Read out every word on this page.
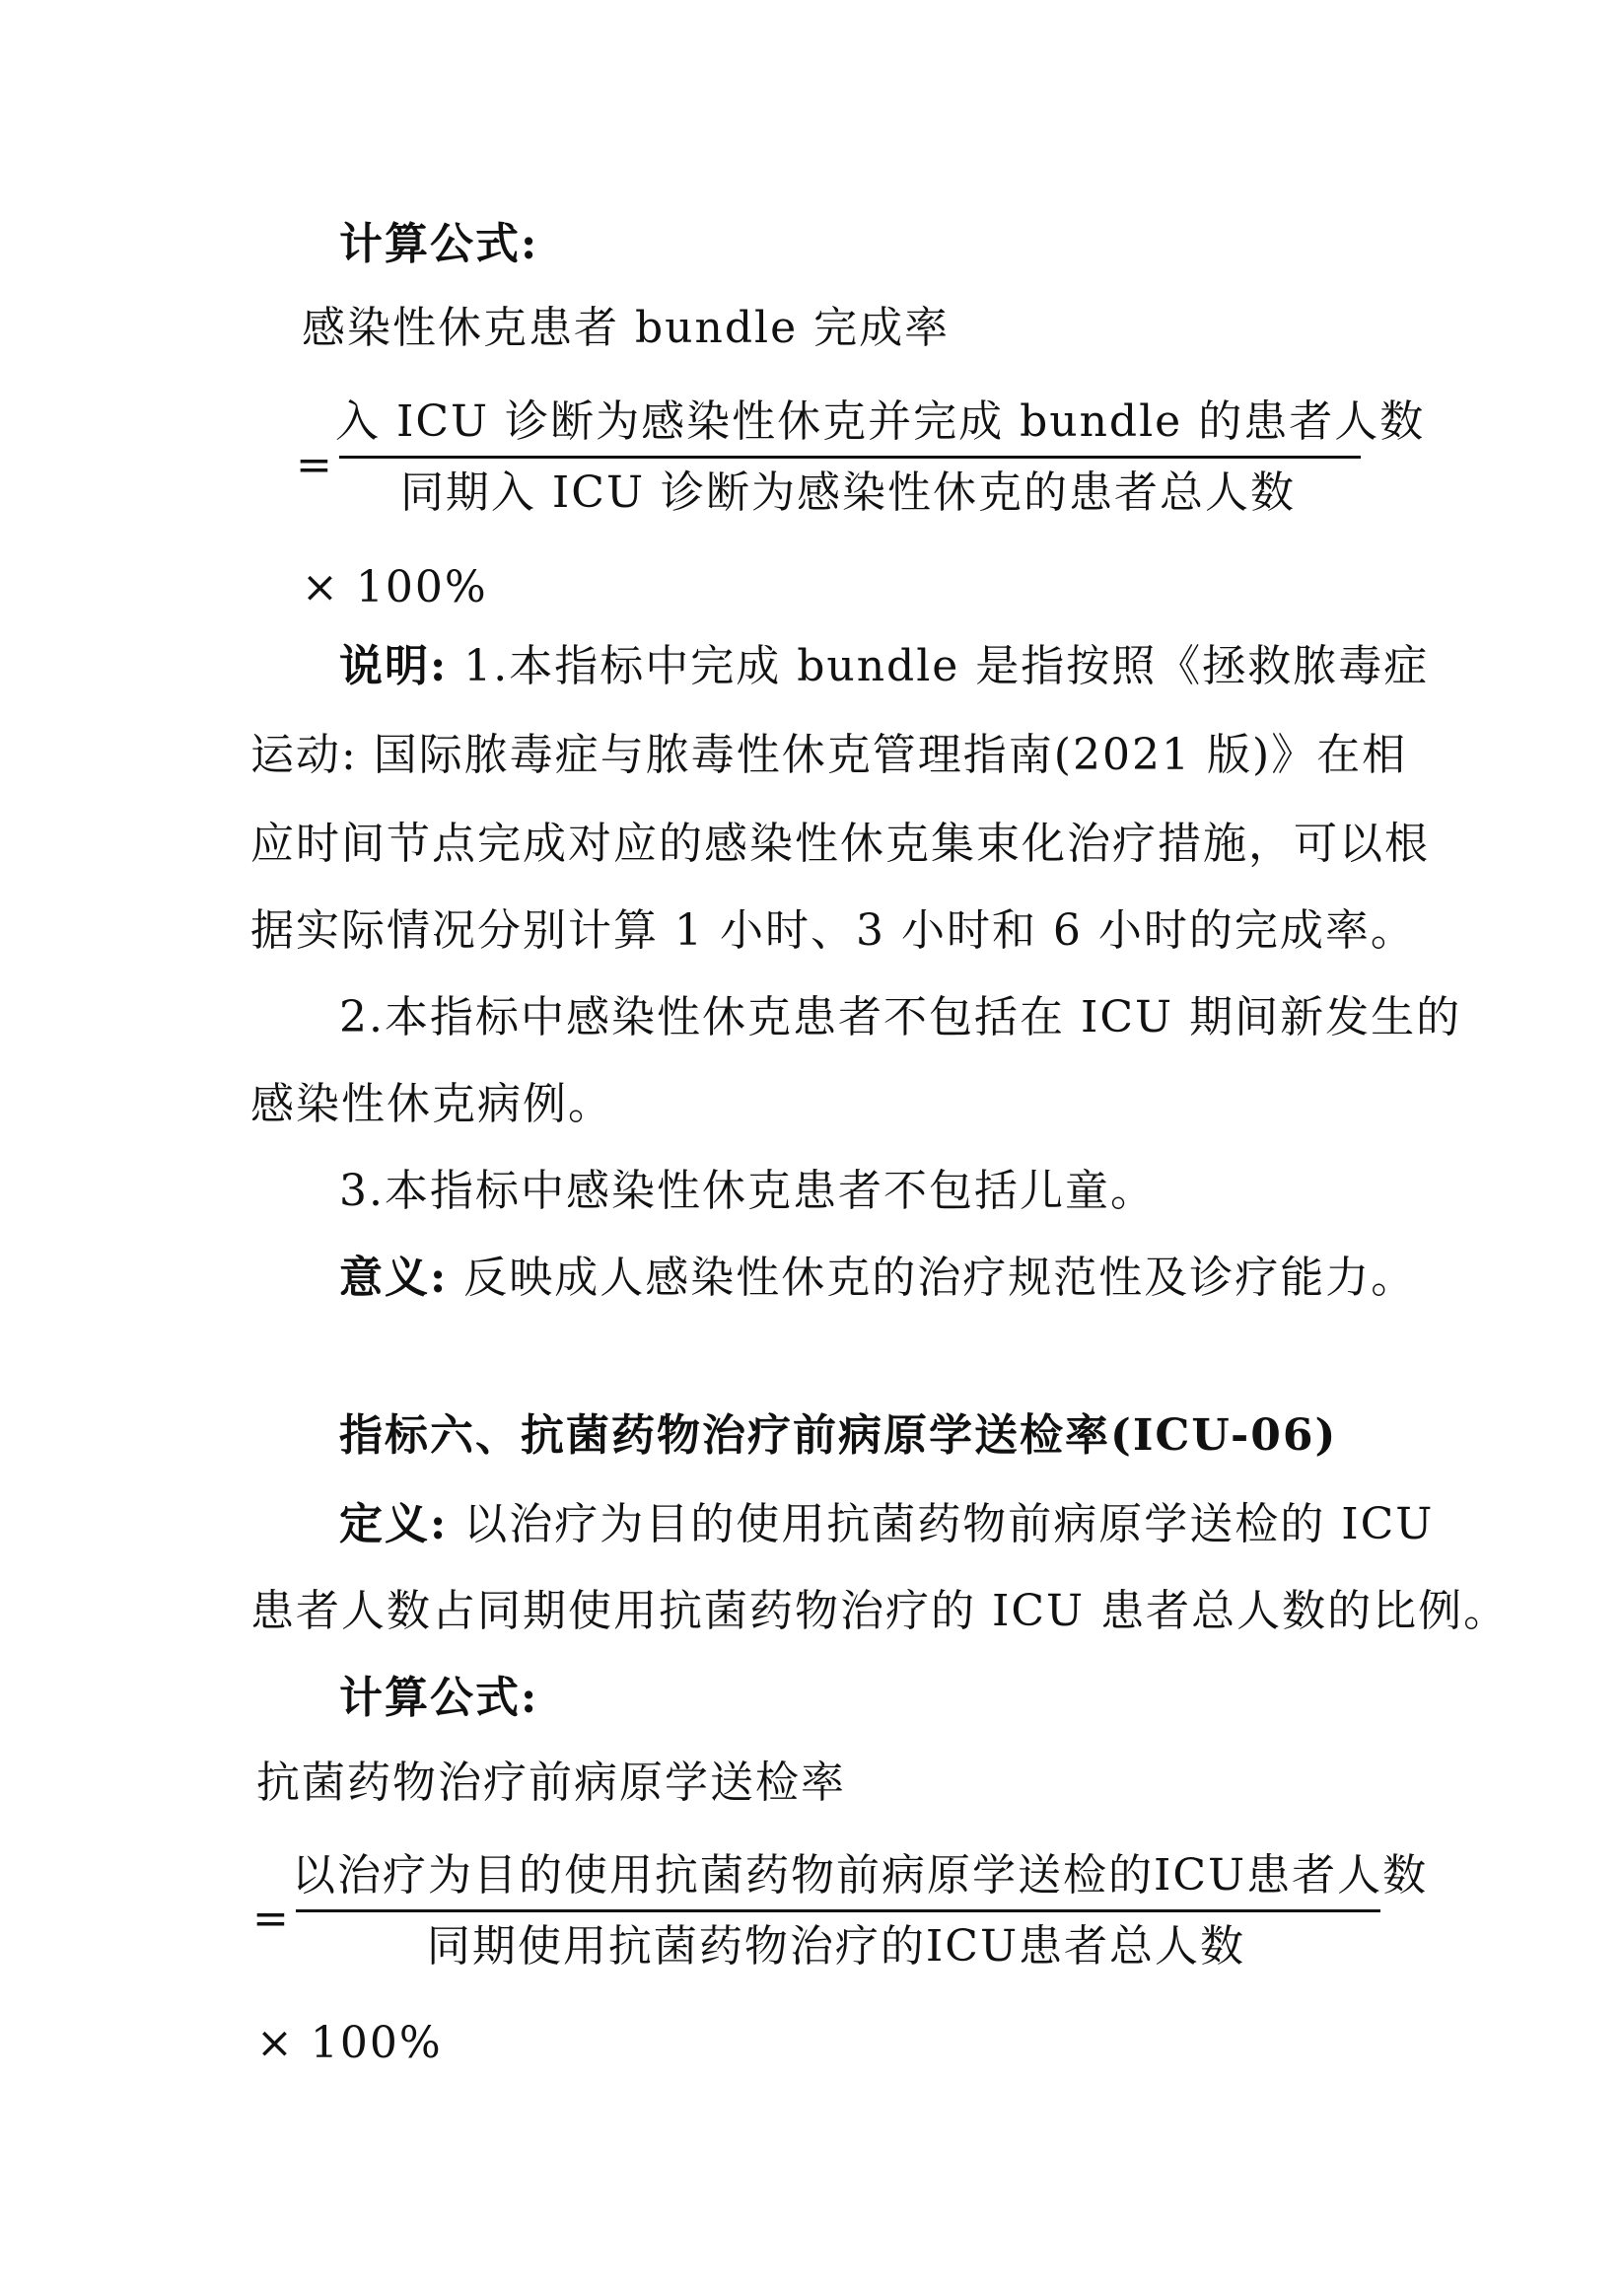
计算公式:
感染性休克患者 bundle 完成率
=
入 ICU 诊断为感染性休克并完成 bundle 的患者人数
同期入 ICU 诊断为感染性休克的患者总人数
× 100%
说明: 1.本指标中完成 bundle 是指按照《拯救脓毒症
运动: 国际脓毒症与脓毒性休克管理指南(2021 版)》在相
应时间节点完成对应的感染性休克集束化治疗措施，可以根
据实际情况分别计算 1 小时、3 小时和 6 小时的完成率。
2.本指标中感染性休克患者不包括在 ICU 期间新发生的
感染性休克病例。
3.本指标中感染性休克患者不包括儿童。
意义: 反映成人感染性休克的治疗规范性及诊疗能力。
指标六、抗菌药物治疗前病原学送检率(ICU-06)
定义: 以治疗为目的使用抗菌药物前病原学送检的 ICU
患者人数占同期使用抗菌药物治疗的 ICU 患者总人数的比例。
计算公式:
抗菌药物治疗前病原学送检率
=
以治疗为目的使用抗菌药物前病原学送检的ICU患者人数
同期使用抗菌药物治疗的ICU患者总人数
× 100%
